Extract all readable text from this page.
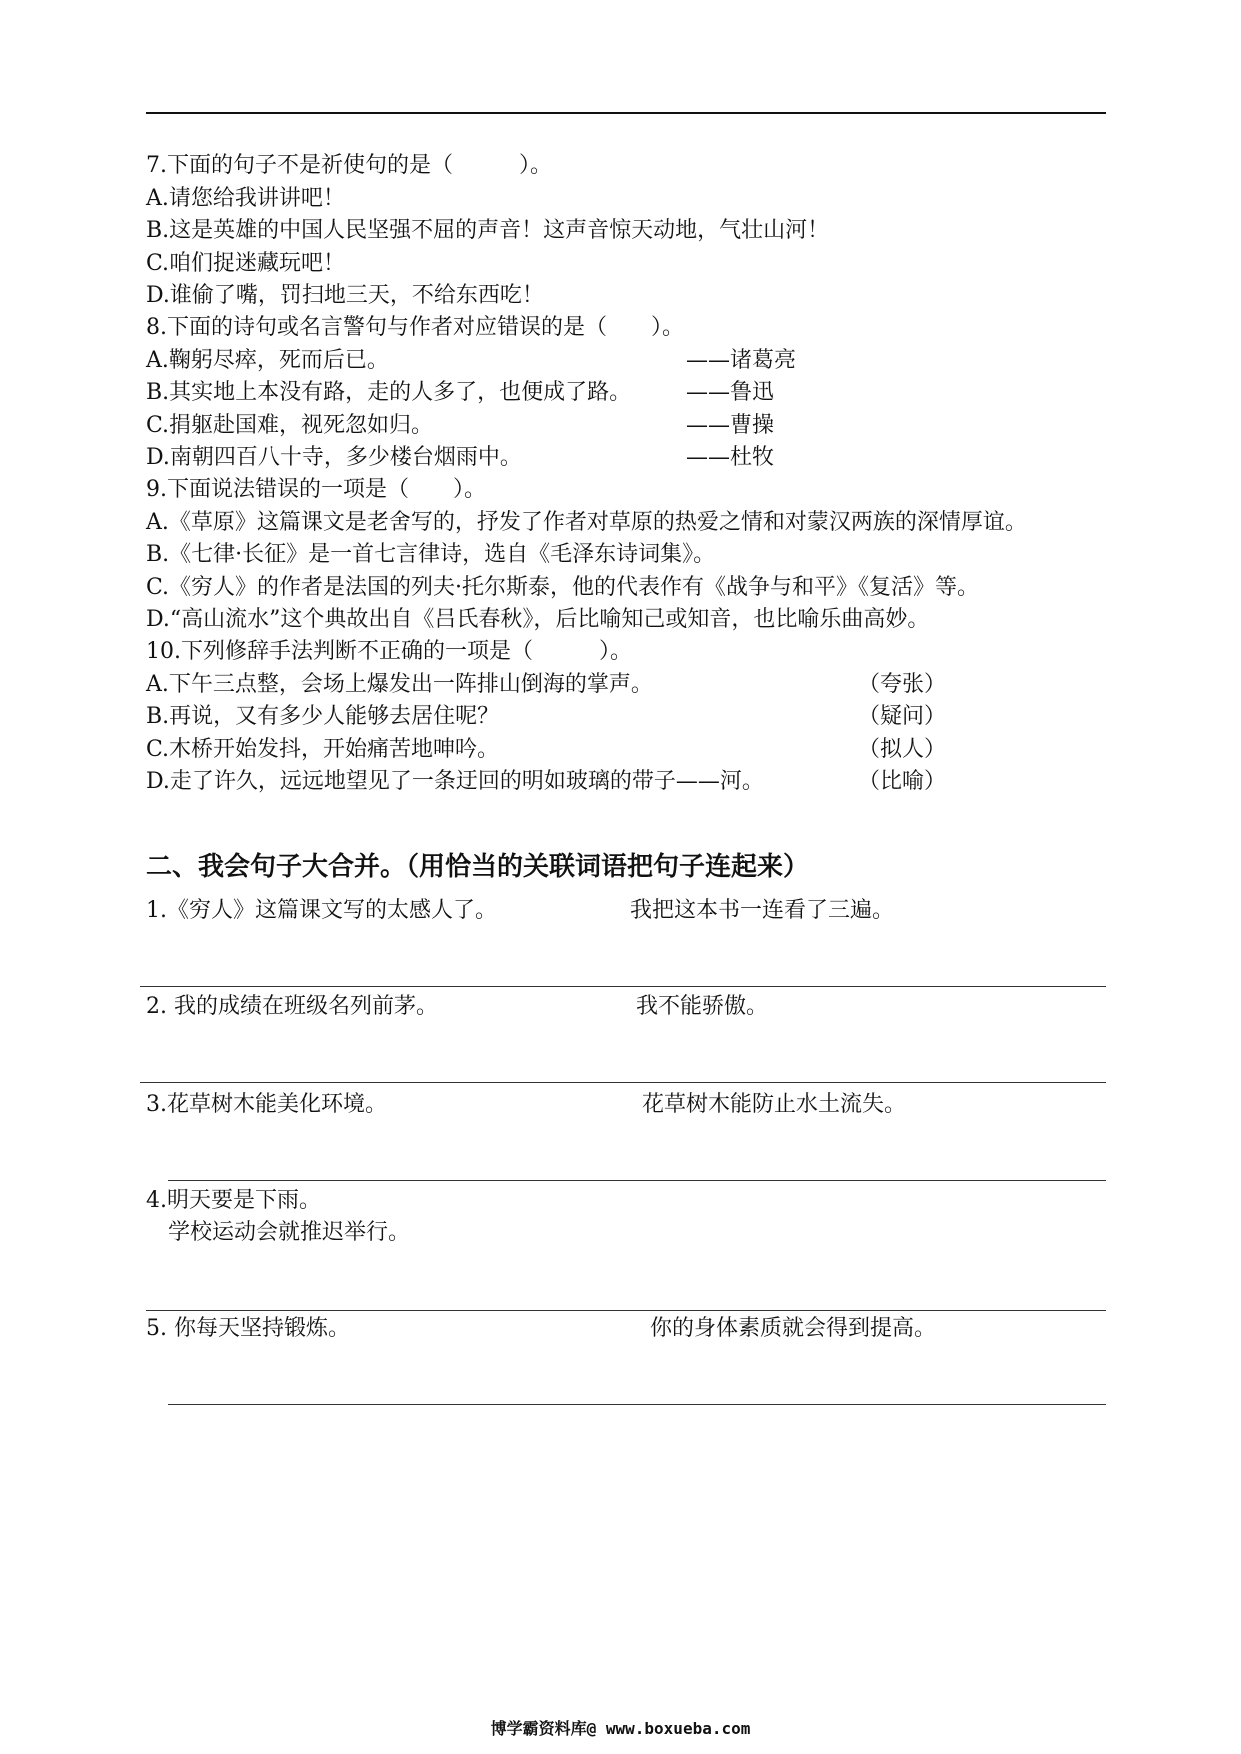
7.下面的句子不是祈使句的是（　　　）。
A.请您给我讲讲吧！
B.这是英雄的中国人民坚强不屈的声音！这声音惊天动地，气壮山河！
C.咱们捉迷藏玩吧！
D.谁偷了嘴，罚扫地三天，不给东西吃！
8.下面的诗句或名言警句与作者对应错误的是（　　）。
A.鞠躬尽瘁，死而后已。	——诸葛亮
B.其实地上本没有路，走的人多了，也便成了路。 ——鲁迅
C.捐躯赴国难，视死忽如归。	——曹操
D.南朝四百八十寺，多少楼台烟雨中。	——杜牧
9.下面说法错误的一项是（　　）。
A.《草原》这篇课文是老舍写的，抒发了作者对草原的热爱之情和对蒙汉两族的深情厚谊。
B.《七律·长征》是一首七言律诗，选自《毛泽东诗词集》。
C.《穷人》的作者是法国的列夫·托尔斯泰，他的代表作有《战争与和平》《复活》等。
D.“高山流水”这个典故出自《吕氏春秋》，后比喻知己或知音，也比喻乐曲高妙。
10.下列修辞手法判断不正确的一项是（　　　）。
A.下午三点整，会场上爆发出一阵排山倒海的掌声。	（夸张）
B.再说，又有多少人能够去居住呢？	（疑问）
C.木桥开始发抖，开始痛苦地呻吟。	（拟人）
D.走了许久，远远地望见了一条迂回的明如玻璃的带子——河。	（比喻）
二、我会句子大合并。（用恰当的关联词语把句子连起来）
1.《穷人》这篇课文写的太感人了。	我把这本书一连看了三遍。
2. 我的成绩在班级名列前茅。	我不能骄傲。
3.花草树木能美化环境。	花草树木能防止水土流失。
4.明天要是下雨。
学校运动会就推迟举行。
5. 你每天坚持锻炼。	你的身体素质就会得到提高。
博学霸资料库@ www.boxueba.com
